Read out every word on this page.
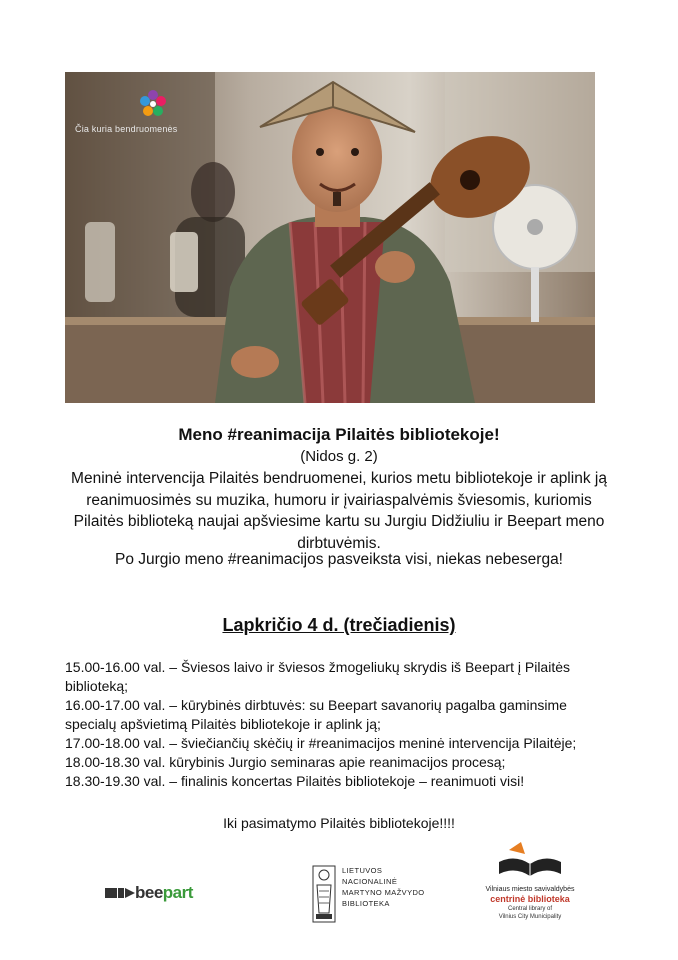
Čia kuria bendruomenės
Meno #reanimacija Pilaitės bibliotekoje!
(Nidos g. 2)
Meninė intervencija Pilaitės bendruomenei, kurios metu bibliotekoje ir aplink ją
reanimuosimės su muzika, humoru ir įvairiaspalvėmis šviesomis, kuriomis
Pilaitės biblioteką naujai apšviesime kartu su Jurgiu Didžiuliu ir Beepart meno
dirbtuvėmis.
Po Jurgio meno #reanimacijos pasveiksta visi, niekas nebeserga!
Lapkričio 4 d. (trečiadienis)
15.00-16.00 val. – Šviesos laivo ir šviesos žmogeliukų skrydis iš Beepart į Pilaitės
biblioteką;
16.00-17.00 val. – kūrybinės dirbtuvės: su Beepart savanorių pagalba gaminsime
specialų apšvietimą Pilaitės bibliotekoje ir aplink ją;
17.00-18.00 val. – šviečiančių skėčių ir #reanimacijos meninė intervencija Pilaitėje;
18.00-18.30 val. kūrybinis Jurgio seminaras apie reanimacijos procesą;
18.30-19.30 val. – finalinis koncertas Pilaitės bibliotekoje – reanimuoti visi!
Iki pasimatymo Pilaitės bibliotekoje!!!!
beepart
LIETUVOS
NACIONALINĖ
MARTYNO MAŽVYDO
BIBLIOTEKA
Vilniaus miesto savivaldybės
centrinė biblioteka
Central library of
Vilnius City Municipality
